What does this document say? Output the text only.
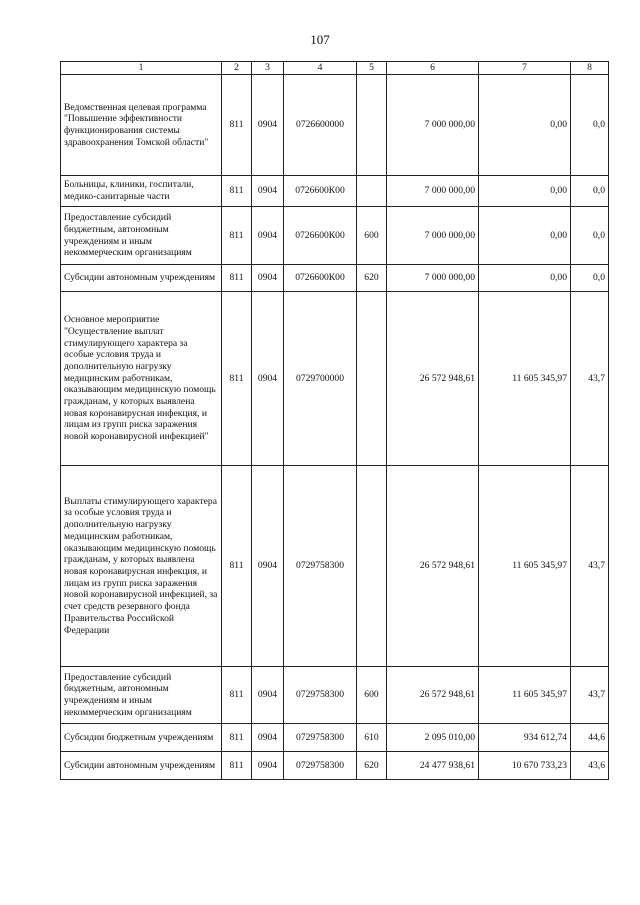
107
1	2	3	4	5	6	7	8
Ведомственная целевая программа "Повышение эффективности функционирования системы здравоохранения Томской области"	811	0904	0726600000		7 000 000,00	0,00	0,0
Больницы, клиники, госпитали, медико-санитарные части	811	0904	0726600К00		7 000 000,00	0,00	0,0
Предоставление субсидий бюджетным, автономным учреждениям и иным некоммерческим организациям	811	0904	0726600К00	600	7 000 000,00	0,00	0,0
Субсидии автономным учреждениям	811	0904	0726600К00	620	7 000 000,00	0,00	0,0
Основное мероприятие "Осуществление выплат стимулирующего характера за особые условия труда и дополнительную нагрузку медицинским работникам, оказывающим медицинскую помощь гражданам, у которых выявлена новая коронавирусная инфекция, и лицам из групп риска заражения новой коронавирусной инфекцией"	811	0904	0729700000		26 572 948,61	11 605 345,97	43,7
Выплаты стимулирующего характера за особые условия труда и дополнительную нагрузку медицинским работникам, оказывающим медицинскую помощь гражданам, у которых выявлена новая коронавирусная инфекция, и лицам из групп риска заражения новой коронавирусной инфекцией, за счет средств резервного фонда Правительства Российской Федерации	811	0904	0729758300		26 572 948,61	11 605 345,97	43,7
Предоставление субсидий бюджетным, автономным учреждениям и иным некоммерческим организациям	811	0904	0729758300	600	26 572 948,61	11 605 345,97	43,7
Субсидии бюджетным учреждениям	811	0904	0729758300	610	2 095 010,00	934 612,74	44,6
Субсидии автономным учреждениям	811	0904	0729758300	620	24 477 938,61	10 670 733,23	43,6
